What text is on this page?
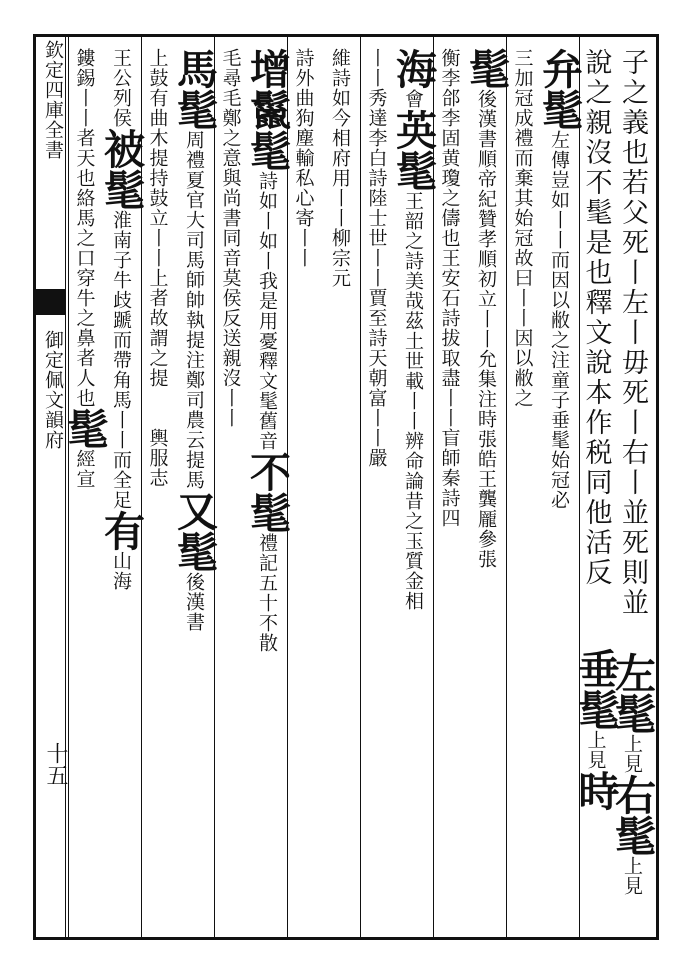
欽定四庫全書
御定佩文韻府
十五
子之義也若父死丨左丨毋死丨右丨並死則並 左髦上見右髦上見
說之親沒不髦是也釋文說本作税同他活反　　垂髦上見時
弁髦左傳豈如丨丨而因以敝之注童子垂髦始冠必
三加冠成禮而棄其始冠故曰丨丨因以敝之
髦後漢書順帝紀贊孝順初立丨丨允集注時張皓王龔龎參張
衡李郃李固黄瓊之儔也王安石詩拔取盡丨丨盲師秦詩四
海會英髦王韶之詩美哉茲土世載丨丨辨命論昔之玉質金相
丨丨秀達李白詩陸士世丨丨賈至詩天朝富丨丨嚴
維詩如今相府用丨丨柳宗元
詩外曲狗塵輸私心寄丨丨
增鬣髦詩如丨如丨我是用憂釋文髦舊音不髦禮記五十不散
毛尋毛鄭之意與尚書同音莫侯反送親沒丨丨
馬髦周禮夏官大司馬師帥執提注鄭司農云提馬又髦後漢書
上鼓有曲木提持鼓立丨丨上者故謂之提　　輿服志
王公列侯被髦淮南子牛歧蹏而帶角馬丨丨而全足有山海
鏤錫丨丨者天也絡馬之口穿牛之鼻者人也髦經宣
